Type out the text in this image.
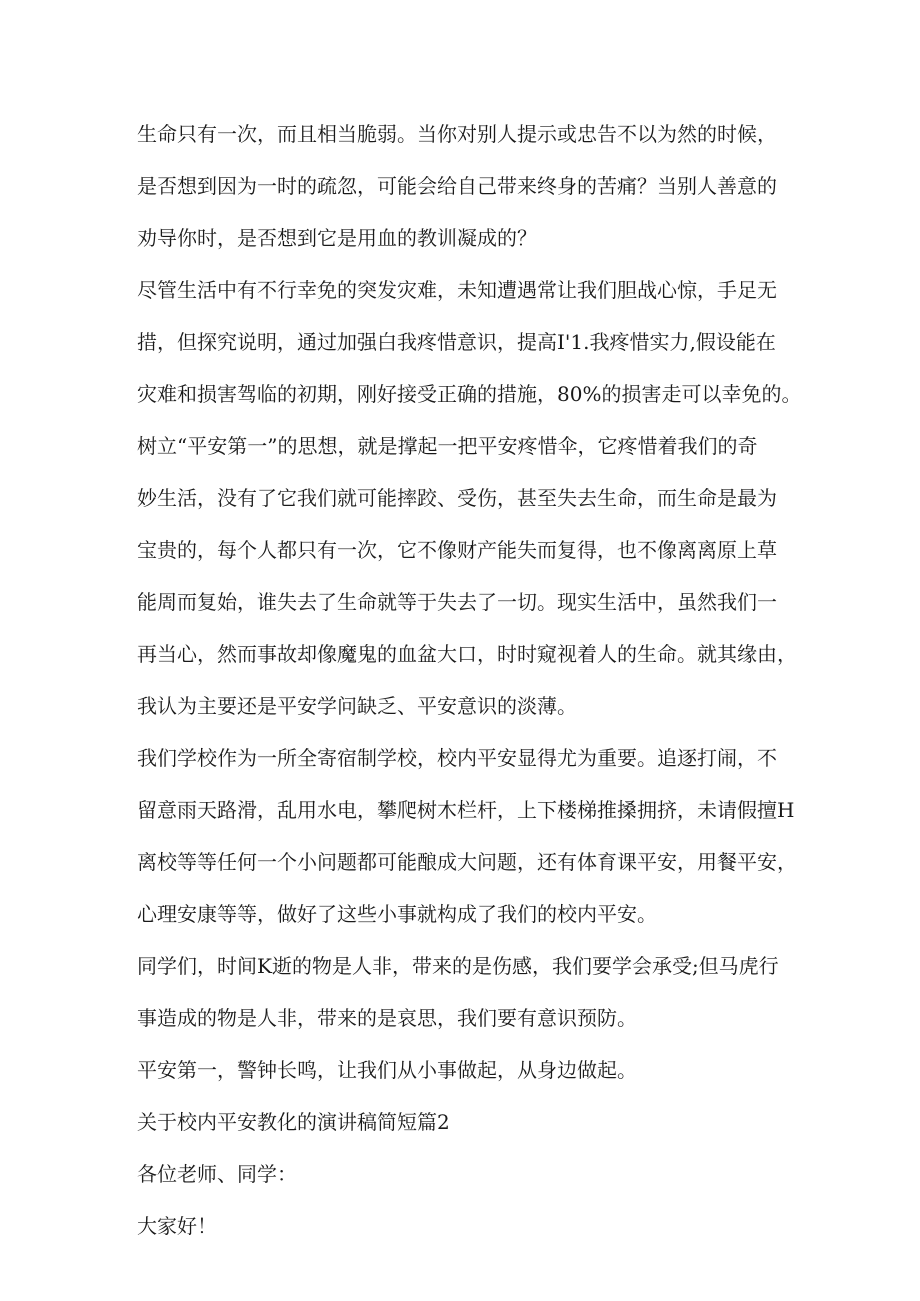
生命只有一次，而且相当脆弱。当你对别人提示或忠告不以为然的时候，
是否想到因为一时的疏忽，可能会给自己带来终身的苦痛？当别人善意的
劝导你时，是否想到它是用血的教训凝成的？
尽管生活中有不行幸免的突发灾难，未知遭遇常让我们胆战心惊，手足无
措，但探究说明，通过加强白我疼惜意识，提高I'1.我疼惜实力,假设能在
灾难和损害驾临的初期，刚好接受正确的措施，80%的损害走可以幸免的。
树立“平安第一”的思想，就是撑起一把平安疼惜伞，它疼惜着我们的奇
妙生活，没有了它我们就可能摔跤、受伤，甚至失去生命，而生命是最为
宝贵的，每个人都只有一次，它不像财产能失而复得，也不像离离原上草
能周而复始，谁失去了生命就等于失去了一切。现实生活中，虽然我们一
再当心，然而事故却像魔鬼的血盆大口，时时窥视着人的生命。就其缘由，
我认为主要还是平安学问缺乏、平安意识的淡薄。
我们学校作为一所全寄宿制学校，校内平安显得尤为重要。追逐打闹，不
留意雨天路滑，乱用水电，攀爬树木栏杆，上下楼梯推搡拥挤，未请假擅H
离校等等任何一个小问题都可能酿成大问题，还有体育课平安，用餐平安，
心理安康等等，做好了这些小事就构成了我们的校内平安。
同学们，时间K逝的物是人非，带来的是伤感，我们要学会承受;但马虎行
事造成的物是人非，带来的是哀思，我们要有意识预防。
平安第一，警钟长鸣，让我们从小事做起，从身边做起。
关于校内平安教化的演讲稿简短篇2
各位老师、同学：
大家好！
